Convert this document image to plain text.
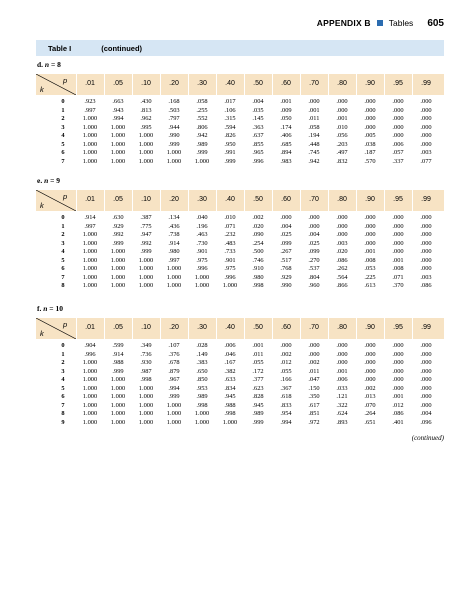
APPENDIX B Tables 605
Table I	(continued)
d. n = 8
p
k
.01	.05	.10	.20	.30	.40	.50	.60	.70	.80	.90	.95	.99
0	.923	.663	.430	.168	.058	.017	.004	.001	.000	.000	.000	.000	.000
1	.997	.943	.813	.503	.255	.106	.035	.009	.001	.000	.000	.000	.000
2	1.000	.994	.962	.797	.552	.315	.145	.050	.011	.001	.000	.000	.000
3	1.000	1.000	.995	.944	.806	.594	.363	.174	.058	.010	.000	.000	.000
4	1.000	1.000	1.000	.990	.942	.826	.637	.406	.194	.056	.005	.000	.000
5	1.000	1.000	1.000	.999	.989	.950	.855	.685	.448	.203	.038	.006	.000
6	1.000	1.000	1.000	1.000	.999	.991	.965	.894	.745	.497	.187	.057	.003
7	1.000	1.000	1.000	1.000	1.000	.999	.996	.983	.942	.832	.570	.337	.077
e. n = 9
p
k
.01	.05	.10	.20	.30	.40	.50	.60	.70	.80	.90	.95	.99
0	.914	.630	.387	.134	.040	.010	.002	.000	.000	.000	.000	.000	.000
1	.997	.929	.775	.436	.196	.071	.020	.004	.000	.000	.000	.000	.000
2	1.000	.992	.947	.738	.463	.232	.090	.025	.004	.000	.000	.000	.000
3	1.000	.999	.992	.914	.730	.483	.254	.099	.025	.003	.000	.000	.000
4	1.000	1.000	.999	.980	.901	.733	.500	.267	.099	.020	.001	.000	.000
5	1.000	1.000	1.000	.997	.975	.901	.746	.517	.270	.086	.008	.001	.000
6	1.000	1.000	1.000	1.000	.996	.975	.910	.768	.537	.262	.053	.008	.000
7	1.000	1.000	1.000	1.000	1.000	.996	.980	.929	.804	.564	.225	.071	.003
8	1.000	1.000	1.000	1.000	1.000	1.000	.998	.990	.960	.866	.613	.370	.086
f. n = 10
p
k
.01	.05	.10	.20	.30	.40	.50	.60	.70	.80	.90	.95	.99
0	.904	.599	.349	.107	.028	.006	.001	.000	.000	.000	.000	.000	.000
1	.996	.914	.736	.376	.149	.046	.011	.002	.000	.000	.000	.000	.000
2	1.000	.988	.930	.678	.383	.167	.055	.012	.002	.000	.000	.000	.000
3	1.000	.999	.987	.879	.650	.382	.172	.055	.011	.001	.000	.000	.000
4	1.000	1.000	.998	.967	.850	.633	.377	.166	.047	.006	.000	.000	.000
5	1.000	1.000	1.000	.994	.953	.834	.623	.367	.150	.033	.002	.000	.000
6	1.000	1.000	1.000	.999	.989	.945	.828	.618	.350	.121	.013	.001	.000
7	1.000	1.000	1.000	1.000	.998	.988	.945	.833	.617	.322	.070	.012	.000
8	1.000	1.000	1.000	1.000	1.000	.998	.989	.954	.851	.624	.264	.086	.004
9	1.000	1.000	1.000	1.000	1.000	1.000	.999	.994	.972	.893	.651	.401	.096
(continued)
